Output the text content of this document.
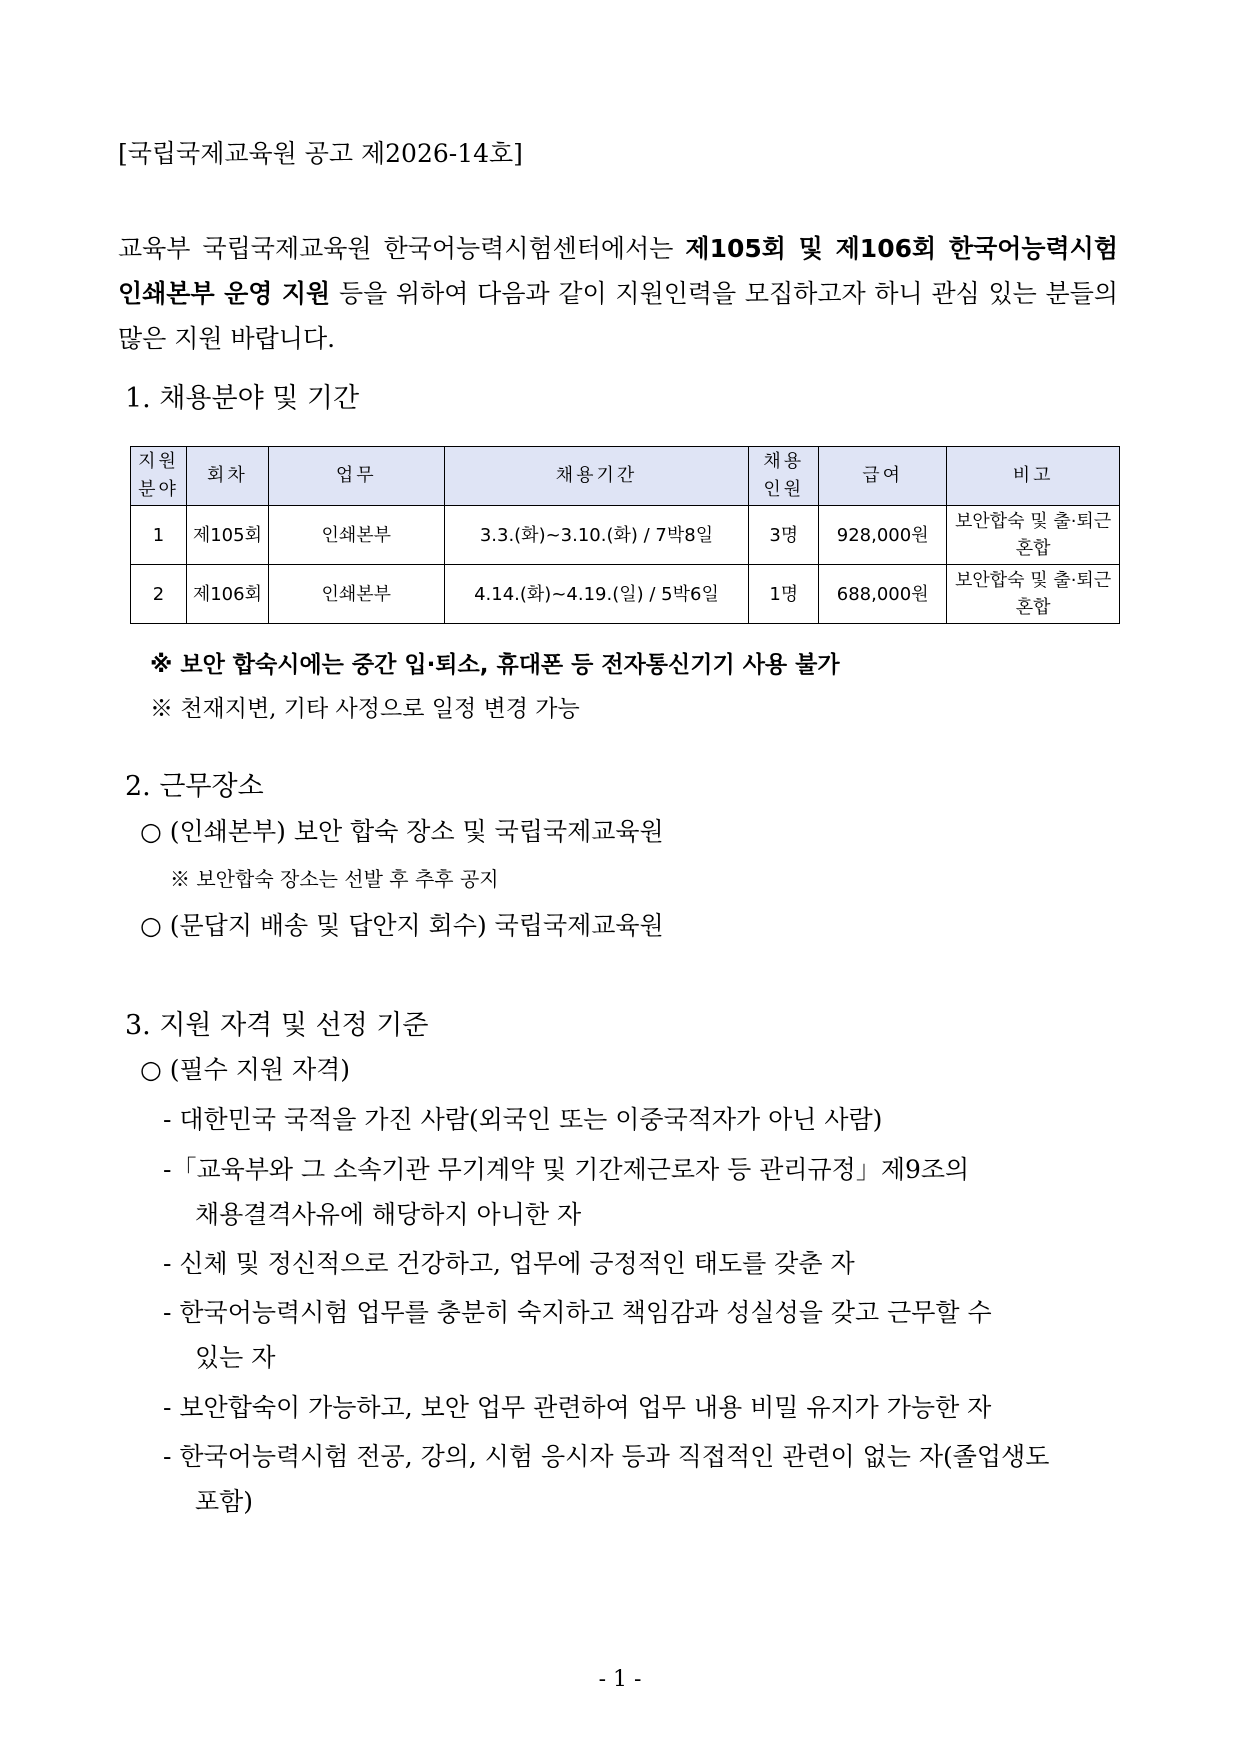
[국립국제교육원 공고 제2026-14호]
교육부 국립국제교육원 한국어능력시험센터에서는 제105회 및 제106회 한국어능력시험 인쇄본부 운영 지원 등을 위하여 다음과 같이 지원인력을 모집하고자 하니 관심 있는 분들의 많은 지원 바랍니다.
1. 채용분야 및 기간
지원 분야	회차	업무	채용기간	채용 인원	급여	비고
1	제105회	인쇄본부	3.3.(화)~3.10.(화) / 7박8일	3명	928,000원	보안합숙 및 출·퇴근 혼합
2	제106회	인쇄본부	4.14.(화)~4.19.(일) / 5박6일	1명	688,000원	보안합숙 및 출·퇴근 혼합
※ 보안 합숙시에는 중간 입·퇴소, 휴대폰 등 전자통신기기 사용 불가
※ 천재지변, 기타 사정으로 일정 변경 가능
2. 근무장소
○ (인쇄본부) 보안 합숙 장소 및 국립국제교육원
※ 보안합숙 장소는 선발 후 추후 공지
○ (문답지 배송 및 답안지 회수) 국립국제교육원
3. 지원 자격 및 선정 기준
○ (필수 지원 자격)
- 대한민국 국적을 가진 사람(외국인 또는 이중국적자가 아닌 사람)
-「교육부와 그 소속기관 무기계약 및 기간제근로자 등 관리규정」제9조의
채용결격사유에 해당하지 아니한 자
- 신체 및 정신적으로 건강하고, 업무에 긍정적인 태도를 갖춘 자
- 한국어능력시험 업무를 충분히 숙지하고 책임감과 성실성을 갖고 근무할 수
있는 자
- 보안합숙이 가능하고, 보안 업무 관련하여 업무 내용 비밀 유지가 가능한 자
- 한국어능력시험 전공, 강의, 시험 응시자 등과 직접적인 관련이 없는 자(졸업생도
포함)
- 1 -
